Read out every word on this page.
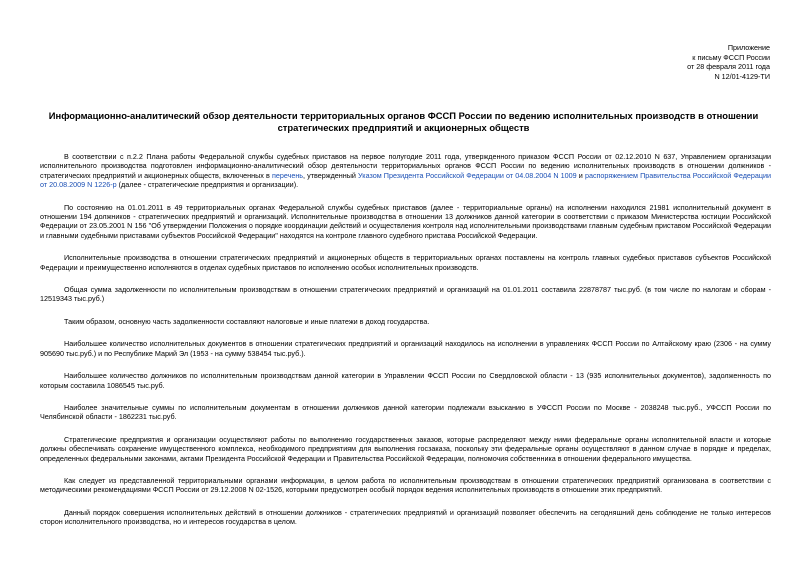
Приложение
к письму ФССП России
от 28 февраля 2011 года
N 12/01-4129-ТИ
Информационно-аналитический обзор деятельности территориальных органов ФССП России по ведению исполнительных производств в отношении
стратегических предприятий и акционерных обществ

В соответствии с п.2.2 Плана работы Федеральной службы судебных приставов на первое полугодие 2011 года, утвержденного приказом ФССП России от 02.12.2010 N 637, Управлением организации исполнительного производства подготовлен информационно-аналитический обзор деятельности территориальных органов ФССП России по ведению исполнительных производств в отношении должников - стратегических предприятий и акционерных обществ, включенных в перечень, утвержденный Указом Президента Российской Федерации от 04.08.2004 N 1009 и распоряжением Правительства Российской Федерации от 20.08.2009 N 1226-р (далее - стратегические предприятия и организации).

По состоянию на 01.01.2011 в 49 территориальных органах Федеральной службы судебных приставов (далее - территориальные органы) на исполнении находился 21981 исполнительный документ в отношении 194 должников - стратегических предприятий и организаций. Исполнительные производства в отношении 13 должников данной категории в соответствии с приказом Министерства юстиции Российской Федерации от 23.05.2001 N 156 "Об утверждении Положения о порядке координации действий и осуществления контроля над исполнительными производствами главным судебным приставом Российской Федерации и главными судебными приставами субъектов Российской Федерации" находятся на контроле главного судебного пристава Российской Федерации.

Исполнительные производства в отношении стратегических предприятий и акционерных обществ в территориальных органах поставлены на контроль главных судебных приставов субъектов Российской Федерации и преимущественно исполняются в отделах судебных приставов по исполнению особых исполнительных производств.

Общая сумма задолженности по исполнительным производствам в отношении стратегических предприятий и организаций на 01.01.2011 составила 22878787 тыс.руб. (в том числе по налогам и сборам - 12519343 тыс.руб.)

Таким образом, основную часть задолженности составляют налоговые и иные платежи в доход государства.

Наибольшее количество исполнительных документов в отношении стратегических предприятий и организаций находилось на исполнении в управлениях ФССП России по Алтайскому краю (2306 - на сумму 905690 тыс.руб.) и по Республике Марий Эл (1953 - на сумму 538454 тыс.руб.).

Наибольшее количество должников по исполнительным производствам данной категории в Управлении ФССП России по Свердловской области - 13 (935 исполнительных документов), задолженность по которым составила 1086545 тыс.руб.

Наиболее значительные суммы по исполнительным документам в отношении должников данной категории подлежали взысканию в УФССП России по Москве - 2038248 тыс.руб., УФССП России по Челябинской области - 1862231 тыс.руб.

Стратегические предприятия и организации осуществляют работы по выполнению государственных заказов, которые распределяют между ними федеральные органы исполнительной власти и которые должны обеспечивать сохранение имущественного комплекса, необходимого предприятиям для выполнения госзаказа, поскольку эти федеральные органы осуществляют в данном случае в порядке и пределах, определенных федеральными законами, актами Президента Российской Федерации и Правительства Российской Федерации, полномочия собственника в отношении федерального имущества.

Как следует из представленной территориальными органами информации, в целом работа по исполнительным производствам в отношении стратегических предприятий организована в соответствии с методическими рекомендациями ФССП России от 29.12.2008 N 02-1526, которыми предусмотрен особый порядок ведения исполнительных производств в отношении этих предприятий.

Данный порядок совершения исполнительных действий в отношении должников - стратегических предприятий и организаций позволяет обеспечить на сегодняшний день соблюдение не только интересов сторон исполнительного производства, но и интересов государства в целом.
